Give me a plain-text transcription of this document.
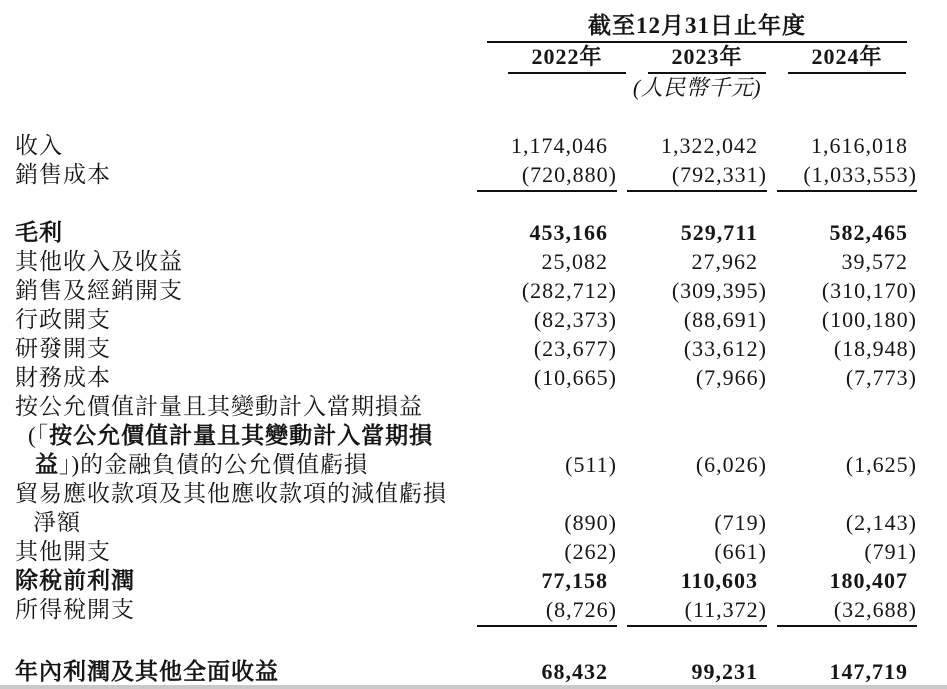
截至12月31日止年度
2022年	2023年	2024年
(人民幣千元)
收入	1,174,046	1,322,042	1,616,018
銷售成本	(720,880)	(792,331)	(1,033,553)
毛利	453,166	529,711	582,465
其他收入及收益	25,082	27,962	39,572
銷售及經銷開支	(282,712)	(309,395)	(310,170)
行政開支	(82,373)	(88,691)	(100,180)
研發開支	(23,677)	(33,612)	(18,948)
財務成本	(10,665)	(7,966)	(7,773)
按公允價值計量且其變動計入當期損益
(「按公允價值計量且其變動計入當期損
益」)的金融負債的公允價值虧損	(511)	(6,026)	(1,625)
貿易應收款項及其他應收款項的減值虧損
淨額	(890)	(719)	(2,143)
其他開支	(262)	(661)	(791)
除稅前利潤	77,158	110,603	180,407
所得稅開支	(8,726)	(11,372)	(32,688)
年內利潤及其他全面收益	68,432	99,231	147,719
